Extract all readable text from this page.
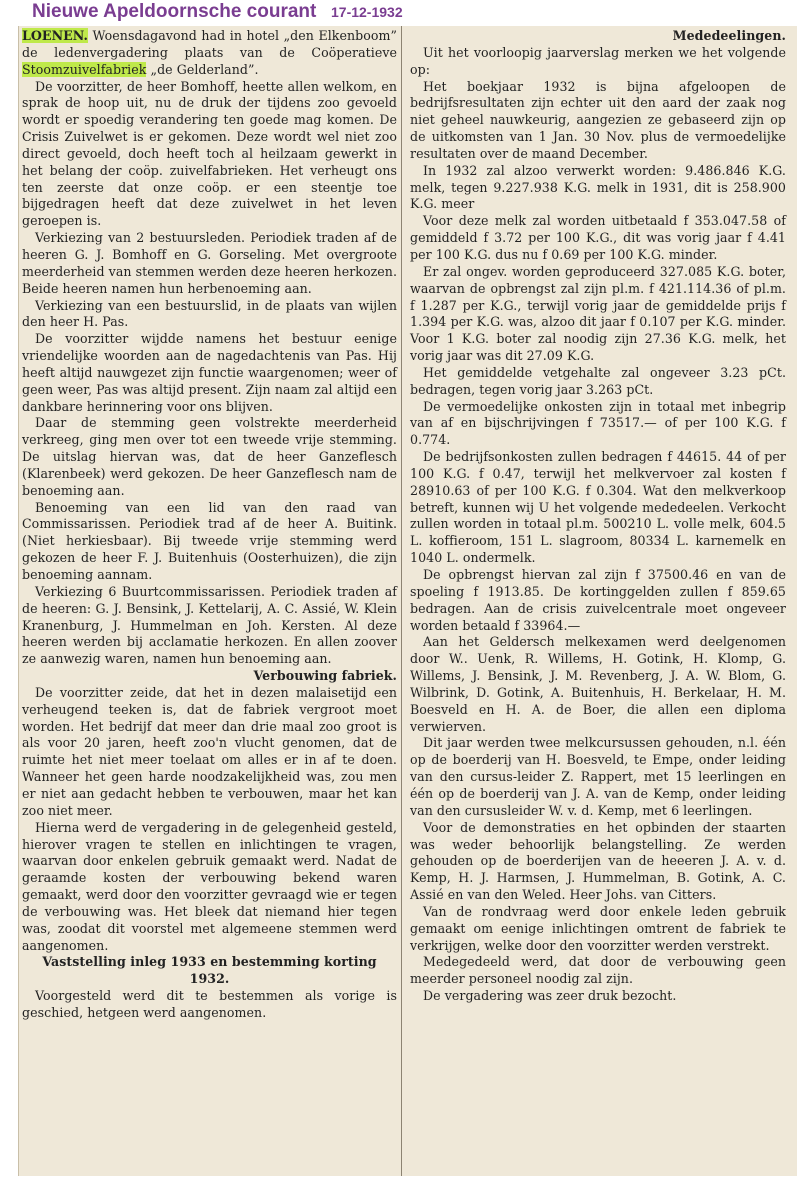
Nieuwe Apeldoornsche courant 17-12-1932

LOENEN. Woensdagavond had in hotel „den Elkenboom” de ledenvergadering plaats van de Coöperatieve Stoomzuivelfabriek „de Gelderland”.

De voorzitter, de heer Bomhoff, heette allen welkom, en sprak de hoop uit, nu de druk der tijdens zoo gevoeld wordt er spoedig verandering ten goede mag komen. De Crisis Zuivelwet is er gekomen. Deze wordt wel niet zoo direct gevoeld, doch heeft toch al heilzaam gewerkt in het belang der coöp. zuivelfabrieken. Het verheugt ons ten zeerste dat onze coöp. er een steentje toe bijgedragen heeft dat deze zuivelwet in het leven geroepen is.

Verkiezing van 2 bestuursleden. Periodiek traden af de heeren G. J. Bomhoff en G. Gorseling. Met overgroote meerderheid van stemmen werden deze heeren herkozen. Beide heeren namen hun herbenoeming aan.

Verkiezing van een bestuurslid, in de plaats van wijlen den heer H. Pas.

De voorzitter wijdde namens het bestuur eenige vriendelijke woorden aan de nagedachtenis van Pas. Hij heeft altijd nauwgezet zijn functie waargenomen; weer of geen weer, Pas was altijd present. Zijn naam zal altijd een dankbare herinnering voor ons blijven.

Daar de stemming geen volstrekte meerderheid verkreeg, ging men over tot een tweede vrije stemming. De uitslag hiervan was, dat de heer Ganzeflesch (Klarenbeek) werd gekozen. De heer Ganzeflesch nam de benoeming aan.

Benoeming van een lid van den raad van Commissarissen. Periodiek trad af de heer A. Buitink. (Niet herkiesbaar). Bij tweede vrije stemming werd gekozen de heer F. J. Buitenhuis (Oosterhuizen), die zijn benoeming aannam.

Verkiezing 6 Buurtcommissarissen. Periodiek traden af de heeren: G. J. Bensink, J. Kettelarij, A. C. Assié, W. Klein Kranenburg, J. Hummelman en Joh. Kersten. Al deze heeren werden bij acclamatie herkozen. En allen zoover ze aanwezig waren, namen hun benoeming aan.

Verbouwing fabriek.

De voorzitter zeide, dat het in dezen malaisetijd een verheugend teeken is, dat de fabriek vergroot moet worden. Het bedrijf dat meer dan drie maal zoo groot is als voor 20 jaren, heeft zoo'n vlucht genomen, dat de ruimte het niet meer toelaat om alles er in af te doen. Wanneer het geen harde noodzakelijkheid was, zou men er niet aan gedacht hebben te verbouwen, maar het kan zoo niet meer.

Hierna werd de vergadering in de gelegenheid gesteld, hierover vragen te stellen en inlichtingen te vragen, waarvan door enkelen gebruik gemaakt werd. Nadat de geraamde kosten der verbouwing bekend waren gemaakt, werd door den voorzitter gevraagd wie er tegen de verbouwing was. Het bleek dat niemand hier tegen was, zoodat dit voorstel met algemeene stemmen werd aangenomen.

Vaststelling inleg 1933 en bestemming korting 1932.

Voorgesteld werd dit te bestemmen als vorige is geschied, hetgeen werd aangenomen.

Mededeelingen.

Uit het voorloopig jaarverslag merken we het volgende op:

Het boekjaar 1932 is bijna afgeloopen de bedrijfsresultaten zijn echter uit den aard der zaak nog niet geheel nauwkeurig, aangezien ze gebaseerd zijn op de uitkomsten van 1 Jan. 30 Nov. plus de vermoedelijke resultaten over de maand December.

In 1932 zal alzoo verwerkt worden: 9.486.846 K.G. melk, tegen 9.227.938 K.G. melk in 1931, dit is 258.900 K.G. meer

Voor deze melk zal worden uitbetaald f 353.047.58 of gemiddeld f 3.72 per 100 K.G., dit was vorig jaar f 4.41 per 100 K.G. dus nu f 0.69 per 100 K.G. minder.

Er zal ongev. worden geproduceerd 327.085 K.G. boter, waarvan de opbrengst zal zijn pl.m. f 421.114.36 of pl.m. f 1.287 per K.G., terwijl vorig jaar de gemiddelde prijs f 1.394 per K.G. was, alzoo dit jaar f 0.107 per K.G. minder. Voor 1 K.G. boter zal noodig zijn 27.36 K.G. melk, het vorig jaar was dit 27.09 K.G.

Het gemiddelde vetgehalte zal ongeveer 3.23 pCt. bedragen, tegen vorig jaar 3.263 pCt.

De vermoedelijke onkosten zijn in totaal met inbegrip van af en bijschrijvingen f 73517.— of per 100 K.G. f 0.774.

De bedrijfsonkosten zullen bedragen f 44615. 44 of per 100 K.G. f 0.47, terwijl het melkvervoer zal kosten f 28910.63 of per 100 K.G. f 0.304. Wat den melkverkoop betreft, kunnen wij U het volgende mededeelen. Verkocht zullen worden in totaal pl.m. 500210 L. volle melk, 604.5 L. koffieroom, 151 L. slagroom, 80334 L. karnemelk en 1040 L. ondermelk.

De opbrengst hiervan zal zijn f 37500.46 en van de spoeling f 1913.85. De kortinggelden zullen f 859.65 bedragen. Aan de crisis zuivelcentrale moet ongeveer worden betaald f 33964.—

Aan het Geldersch melkexamen werd deelgenomen door W.. Uenk, R. Willems, H. Gotink, H. Klomp, G. Willems, J. Bensink, J. M. Revenberg, J. A. W. Blom, G. Wilbrink, D. Gotink, A. Buitenhuis, H. Berkelaar, H. M. Boesveld en H. A. de Boer, die allen een diploma verwierven.

Dit jaar werden twee melkcursussen gehouden, n.l. één op de boerderij van H. Boesveld, te Empe, onder leiding van den cursus-leider Z. Rappert, met 15 leerlingen en één op de boerderij van J. A. van de Kemp, onder leiding van den cursusleider W. v. d. Kemp, met 6 leerlingen.

Voor de demonstraties en het opbinden der staarten was weder behoorlijk belangstelling. Ze werden gehouden op de boerderijen van de heeeren J. A. v. d. Kemp, H. J. Harmsen, J. Hummelman, B. Gotink, A. C. Assié en van den Weled. Heer Johs. van Citters.

Van de rondvraag werd door enkele leden gebruik gemaakt om eenige inlichtingen omtrent de fabriek te verkrijgen, welke door den voorzitter werden verstrekt.

Medegedeeld werd, dat door de verbouwing geen meerder personeel noodig zal zijn.

De vergadering was zeer druk bezocht.
